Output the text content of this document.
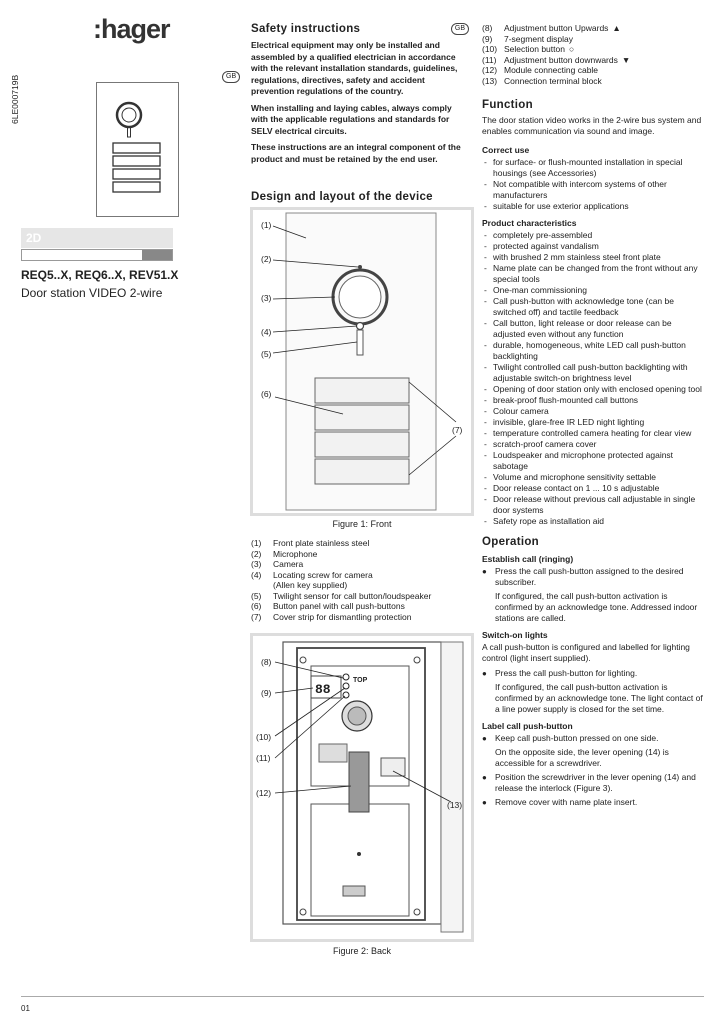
:hager
6LE000719B	GB
2D
REQ5..X, REQ6..X, REV51.X
Door station VIDEO 2-wire
Safety instructions	GB

Electrical equipment may only be installed and assembled by a qualified electrician in accordance with the relevant installation standards, guidelines, regulations, directives, safety and accident prevention regulations of the country.

When installing and laying cables, always comply with the applicable regulations and standards for SELV electrical circuits.

These instructions are an integral component of the product and must be retained by the end user.

Design and layout of the device
(1)
(2)
(3)
(4)
(5)
(6)
(7)
Figure 1: Front
(1)	Front plate stainless steel
(2)	Microphone
(3)	Camera
(4)	Locating screw for camera
(Allen key supplied)
(5)	Twilight sensor for call button/loudspeaker
(6)	Button panel with call push-buttons
(7)	Cover strip for dismantling protection
88
TOP
(8)
(9)
(10)
(11)
(12)
(13)
Figure 2: Back
(8)	Adjustment button Upwards ▲
(9)	7-segment display
(10) Selection button ○
(11) Adjustment button downwards ▼
(12) Module connecting cable
(13) Connection terminal block
Function

The door station video works in the 2-wire bus system and enables communication via sound and image.

Correct use
- for surface- or flush-mounted installation in special housings (see Accessories)
- Not compatible with intercom systems of other manufacturers
- suitable for use exterior applications
Product characteristics
- completely pre-assembled
- protected against vandalism
- with brushed 2 mm stainless steel front plate
- Name plate can be changed from the front without any special tools
- One-man commissioning
- Call push-button with acknowledge tone (can be switched off) and tactile feedback
- Call button, light release or door release can be adjusted even without any function
- durable, homogeneous, white LED call push-button backlighting
- Twilight controlled call push-button backlighting with adjustable switch-on brightness level
- Opening of door station only with enclosed opening tool
- break-proof flush-mounted call buttons
- Colour camera
- invisible, glare-free IR LED night lighting
- temperature controlled camera heating for clear view
- scratch-proof camera cover
- Loudspeaker and microphone protected against sabotage
- Volume and microphone sensitivity settable
- Door release contact on 1 ... 10 s adjustable
- Door release without previous call adjustable in single door systems
- Safety rope as installation aid
Operation
Establish call (ringing)
● Press the call push-button assigned to the desired subscriber.
If configured, the call push-button activation is confirmed by an acknowledge tone. Addressed indoor stations are called.
Switch-on lights

A call push-button is configured and labelled for lighting control (light insert supplied).

● Press the call push-button for lighting.
If configured, the call push-button activation is confirmed by an acknowledge tone. The light contact of a line power supply is closed for the set time.
Label call push-button
● Keep call push-button pressed on one side.
On the opposite side, the lever opening (14) is accessible for a screwdriver.
● Position the screwdriver in the lever opening (14) and release the interlock (Figure 3).
● Remove cover with name plate insert.
01
